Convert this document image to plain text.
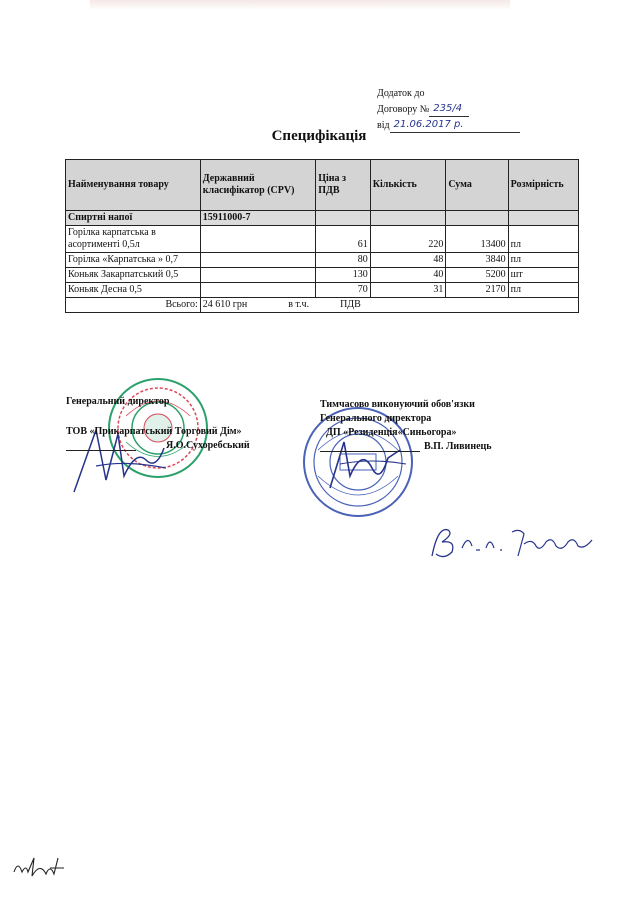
Додаток до
Договору № 235/4
від 21.06.2017 р.
Специфікація
Найменування товару	Державний класифікатор (CPV)	Ціна з ПДВ	Кількість	Сума	Розмірність
Спиртні напої	15911000-7				
Горілка карпатська в асортименті 0,5л		61	220	13400	пл
Горілка «Карпатська » 0,7		80	48	3840	пл
Коньяк Закарпатський 0,5		130	40	5200	шт
Коньяк Десна 0,5		70	31	2170	пл
Всього:	24 610 грн в т.ч. ПДВ				
Генеральний директор
ТОВ «Прикарпатський Торговий Дім»
Я.О.Сухоребський
Тимчасово виконуючий обов'язки
Генерального директора
ДП «Резиденція«Синьогора»
В.П. Ливинець
